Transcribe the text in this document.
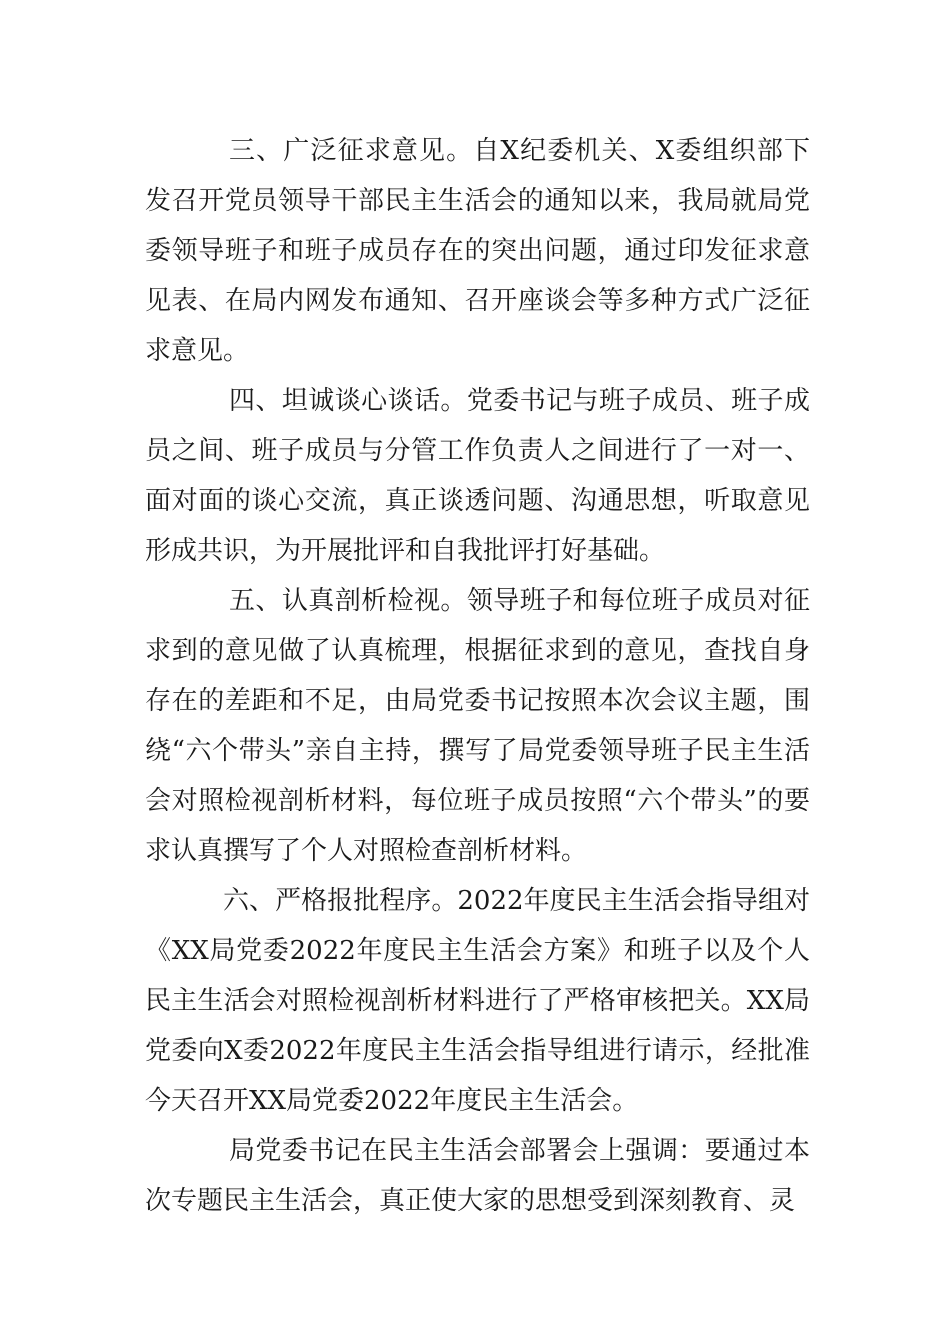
三、广泛征求意见。自X纪委机关、X委组织部下发召开党员领导干部民主生活会的通知以来，我局就局党委领导班子和班子成员存在的突出问题，通过印发征求意见表、在局内网发布通知、召开座谈会等多种方式广泛征求意见。

四、坦诚谈心谈话。党委书记与班子成员、班子成员之间、班子成员与分管工作负责人之间进行了一对一、面对面的谈心交流，真正谈透问题、沟通思想，听取意见形成共识，为开展批评和自我批评打好基础。

五、认真剖析检视。领导班子和每位班子成员对征求到的意见做了认真梳理，根据征求到的意见，查找自身存在的差距和不足，由局党委书记按照本次会议主题，围绕“六个带头”亲自主持，撰写了局党委领导班子民主生活会对照检视剖析材料，每位班子成员按照“六个带头”的要求认真撰写了个人对照检查剖析材料。

六、严格报批程序。2022年度民主生活会指导组对《XX局党委2022年度民主生活会方案》和班子以及个人民主生活会对照检视剖析材料进行了严格审核把关。XX局党委向X委2022年度民主生活会指导组进行请示，经批准今天召开XX局党委2022年度民主生活会。

局党委书记在民主生活会部署会上强调：要通过本次专题民主生活会，真正使大家的思想受到深刻教育、灵
